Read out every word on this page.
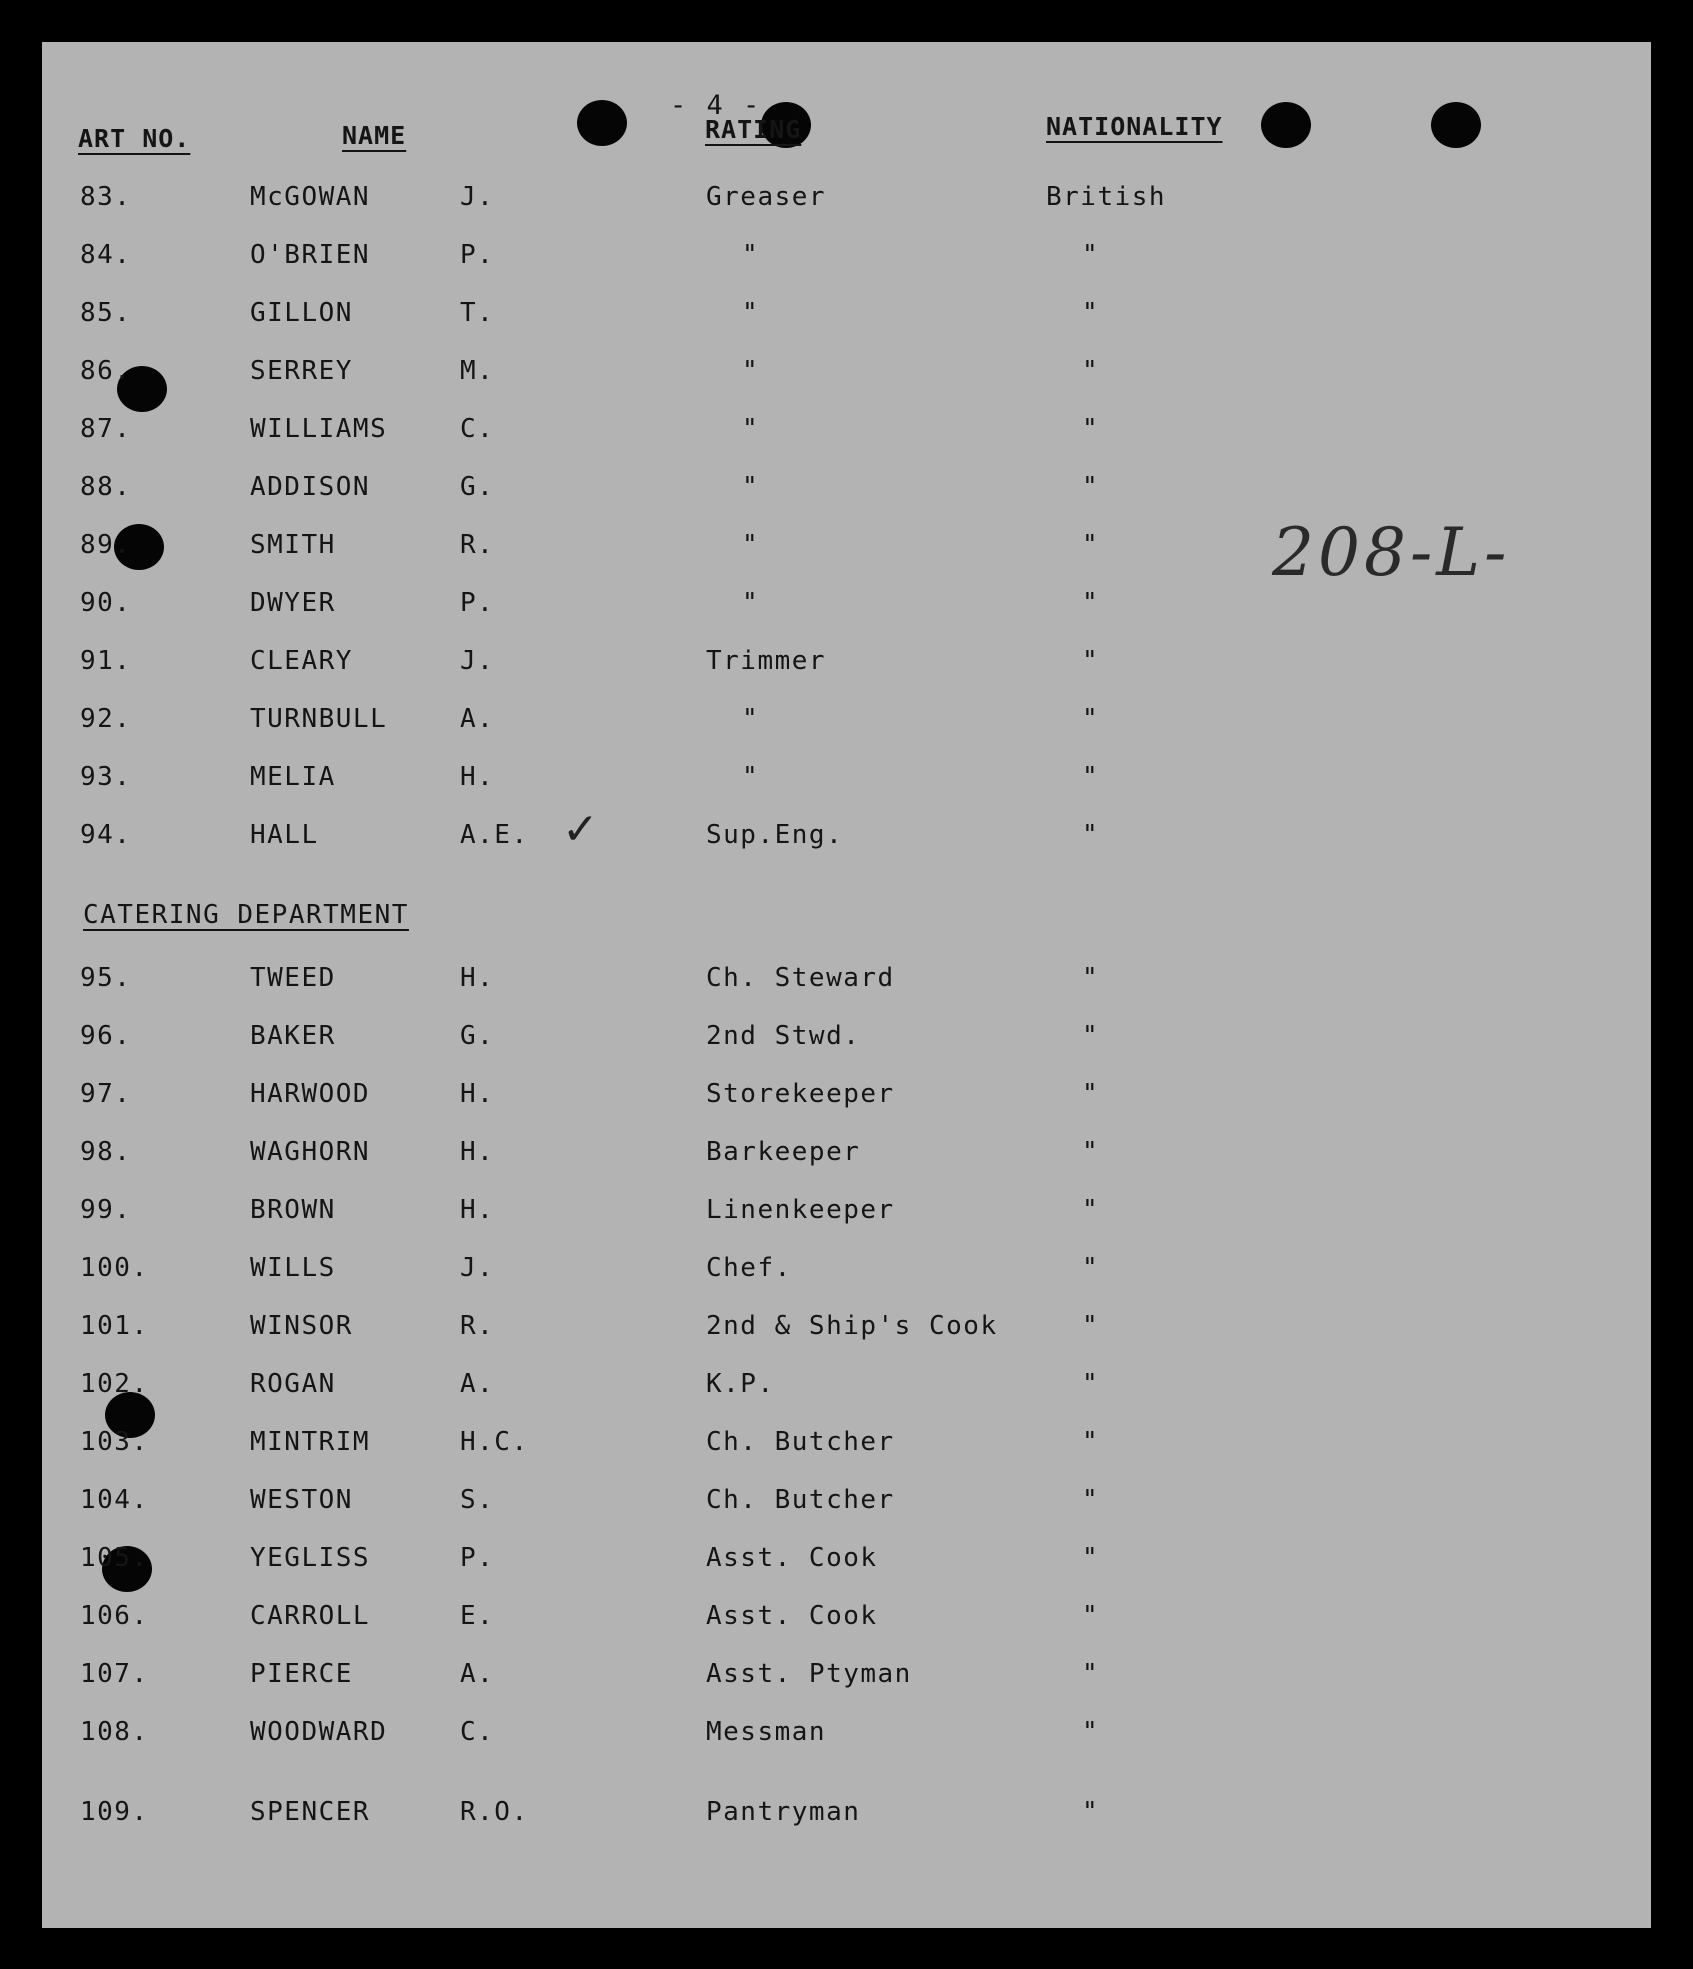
- 4 -
ART NO.	NAME	RATING	NATIONALITY
208-L-
CATERING DEPARTMENT
83.	McGOWAN	J.	Greaser	British
84.	O'BRIEN	P.	"	"
85.	GILLON	T.	"	"
86.	SERREY	M.	"	"
87.	WILLIAMS	C.	"	"
88.	ADDISON	G.	"	"
89.	SMITH	R.	"	"
90.	DWYER	P.	"	"
91.	CLEARY	J.	Trimmer	"
92.	TURNBULL	A.	"	"
93.	MELIA	H.	"	"
94.	HALL	A.E.	Sup.Eng.	"
✓
95.	TWEED	H.	Ch. Steward	"
96.	BAKER	G.	2nd Stwd.	"
97.	HARWOOD	H.	Storekeeper	"
98.	WAGHORN	H.	Barkeeper	"
99.	BROWN	H.	Linenkeeper	"
100.	WILLS	J.	Chef.	"
101.	WINSOR	R.	2nd & Ship's Cook	"
102.	ROGAN	A.	K.P.	"
103.	MINTRIM	H.C.	Ch. Butcher	"
104.	WESTON	S.	Ch. Butcher	"
105.	YEGLISS	P.	Asst. Cook	"
106.	CARROLL	E.	Asst. Cook	"
107.	PIERCE	A.	Asst. Ptyman	"
108.	WOODWARD	C.	Messman	"
109.	SPENCER	R.O.	Pantryman	"
